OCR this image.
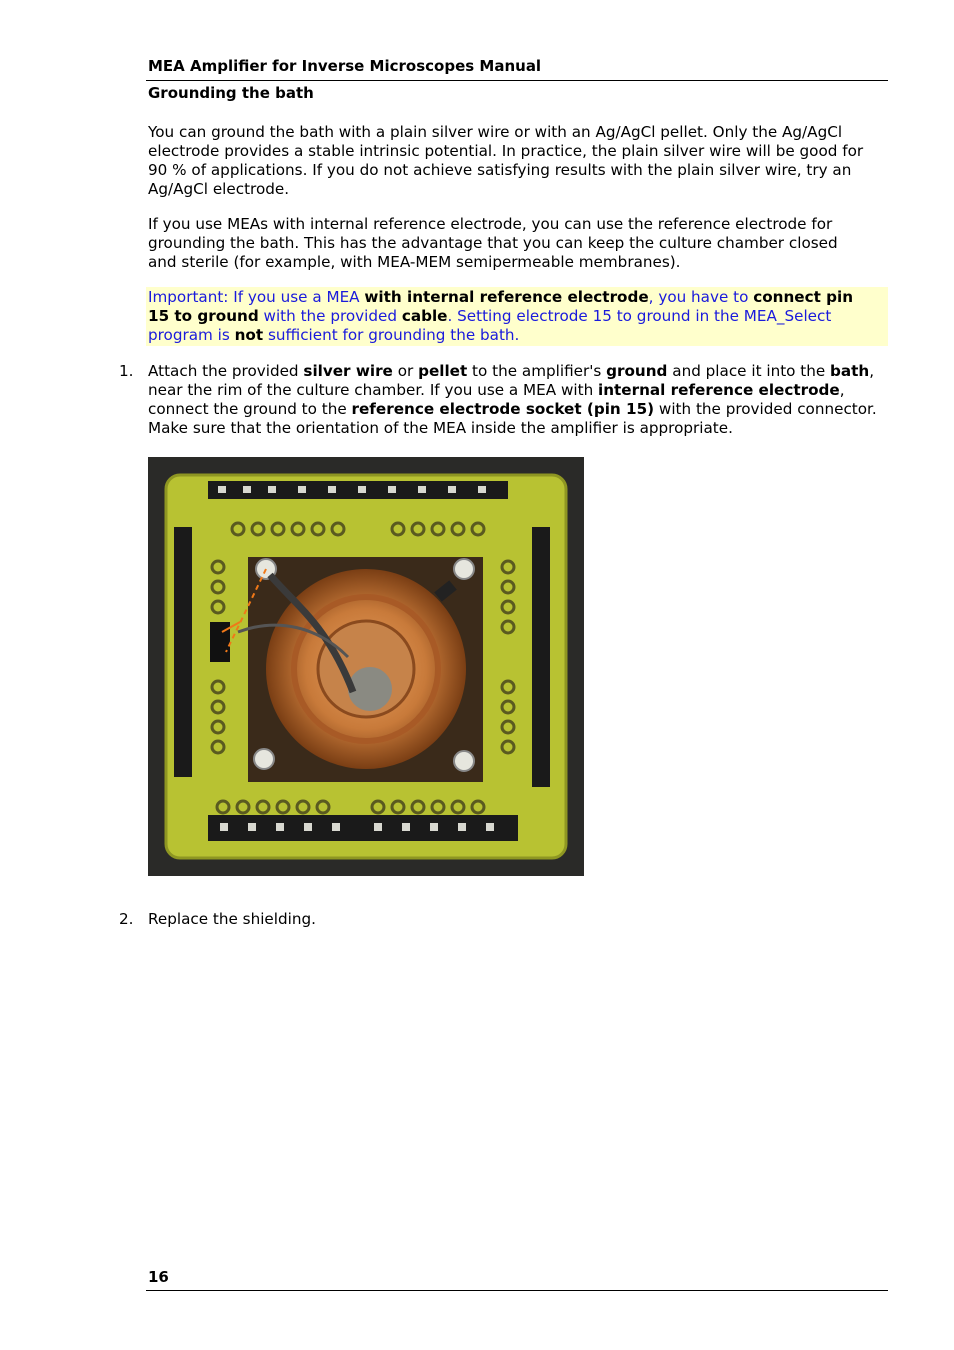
MEA Amplifier for Inverse Microscopes Manual
Grounding the bath
You can ground the bath with a plain silver wire or with an Ag/AgCl pellet. Only the Ag/AgCl electrode provides a stable intrinsic potential. In practice, the plain silver wire will be good for 90 % of applications. If you do not achieve satisfying results with the plain silver wire, try an Ag/AgCl electrode.
If you use MEAs with internal reference electrode, you can use the reference electrode for grounding the bath. This has the advantage that you can keep the culture chamber closed and sterile (for example, with MEA-MEM semipermeable membranes).
Important: If you use a MEA with internal reference electrode, you have to connect pin 15 to ground with the provided cable. Setting electrode 15 to ground in the MEA_Select program is not sufficient for grounding the bath.
1. Attach the provided silver wire or pellet to the amplifier's ground and place it into the bath, near the rim of the culture chamber. If you use a MEA with internal reference electrode, connect the ground to the reference electrode socket (pin 15) with the provided connector. Make sure that the orientation of the MEA inside the amplifier is appropriate.
2. Replace the shielding.
16
